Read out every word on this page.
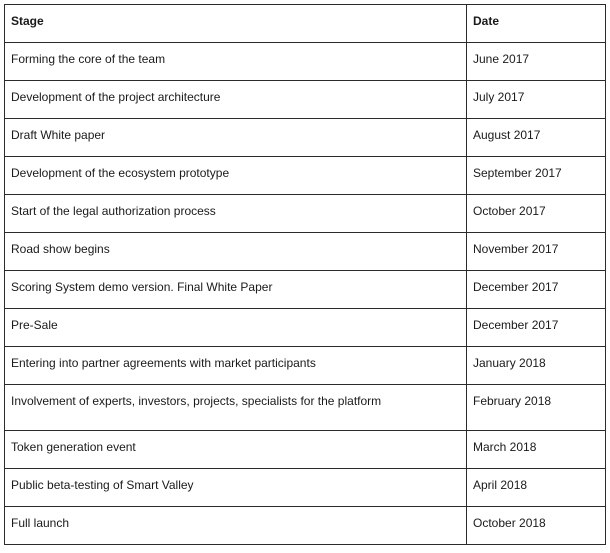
Stage	Date
Forming the core of the team	June 2017
Development of the project architecture	July 2017
Draft White paper	August 2017
Development of the ecosystem prototype	September 2017
Start of the legal authorization process	October 2017
Road show begins	November 2017
Scoring System demo version. Final White Paper	December 2017
Pre-Sale	December 2017
Entering into partner agreements with market participants	January 2018
Involvement of experts, investors, projects, specialists for the platform	February 2018
Token generation event	March 2018
Public beta-testing of Smart Valley	April 2018
Full launch	October 2018
